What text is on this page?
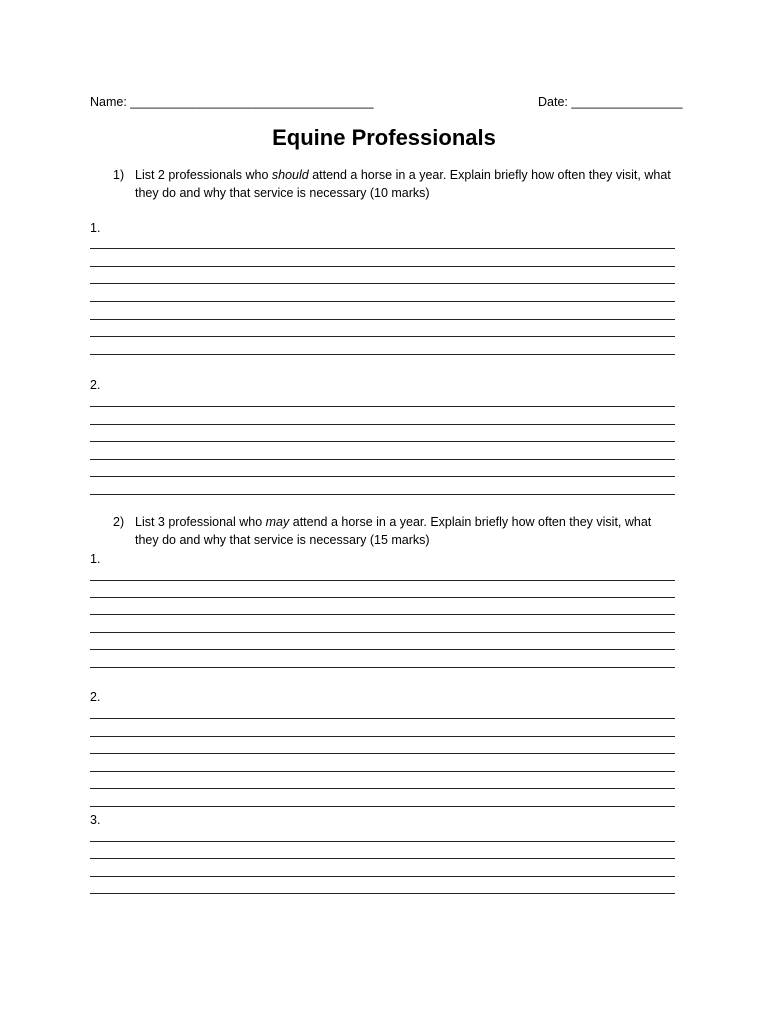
Name: ___________________________________	Date: ________________
Equine Professionals
1) List 2 professionals who should attend a horse in a year. Explain briefly how often they visit, what they do and why that service is necessary (10 marks)
1.
2.
2) List 3 professional who may attend a horse in a year. Explain briefly how often they visit, what they do and why that service is necessary (15 marks)
1.
2.
3.
